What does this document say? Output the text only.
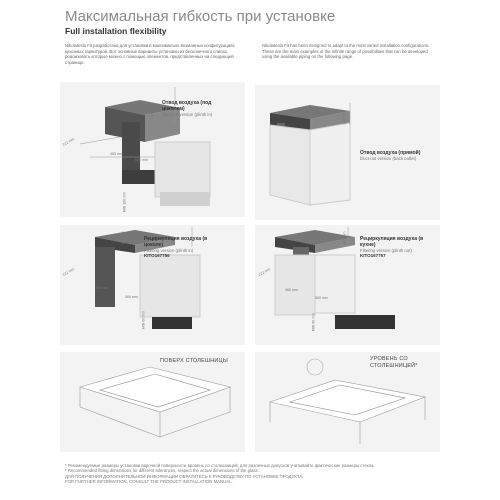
Максимальная гибкость при установке
Full installation flexibility
Nikolatesla Fit разработана для установки в максимально возможных конфигурациях кухонных гарнитуров. Вот основные варианты установки из бесконечного списка, реализовать которые можно с помощью элементов, представленных на следующей странице.
Nikolatesla Fit has been designed to adapt to the most varied installation configurations. These are the main examples of the infinite range of possibilities that can be developed using the available piping on the following page.
Отвод воздуха (под цоколем)
Duct-out version (plinth in)
245 mm
222 mm
465 mm
560 mm
MIN 100 mm
245 mm
Отвод воздуха (прямой)
Duct-out version (back outlet)
245 mm	Рециркуляция воздуха (в цоколе)
Filtering version (plinth in)
KITO167756
222 mm
465 mm
560 mm
MIN 60 mm
245 mm	Рециркуляция воздуха (в кухне)
Filtering version (plinth out)
KITO167757
222 mm
465 mm
560 mm
MIN 60 mm
ПОВЕРХ СТОЛЕШНИЦЫ	УРОВЕНЬ СО СТОЛЕШНИЦЕЙ*
* Рекомендуемые размеры установки варочной поверхности вровень со столешницей; для различных допусков учитывайте фактические размеры стекла.
* Recommended fitting dimensions for different tolerances, respect the actual dimensions of the glass.
ДЛЯ ПОЛУЧЕНИЯ ДОПОЛНИТЕЛЬНОЙ ИНФОРМАЦИИ ОБРАТИТЕСЬ К РУКОВОДСТВУ ПО УСТАНОВКЕ ПРОДУКТА.
FOR FURTHER INFORMATION, CONSULT THE PRODUCT INSTALLATION MANUAL.
